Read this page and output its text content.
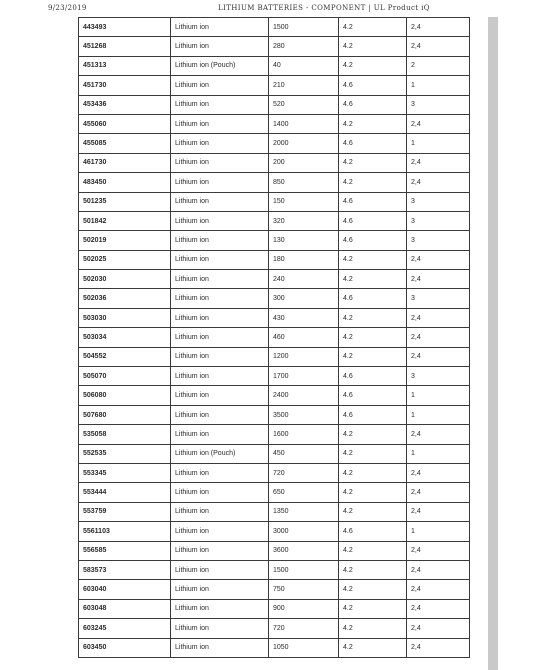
9/23/2019	LITHIUM BATTERIES - COMPONENT | UL Product iQ
443493	Lithium ion	1500	4.2	2,4
451268	Lithium ion	280	4.2	2,4
451313	Lithium ion (Pouch)	40	4.2	2
451730	Lithium ion	210	4.6	1
453436	Lithium ion	520	4.6	3
455060	Lithium ion	1400	4.2	2,4
455085	Lithium ion	2000	4.6	1
461730	Lithium ion	200	4.2	2,4
483450	Lithium ion	850	4.2	2,4
501235	Lithium ion	150	4.6	3
501842	Lithium ion	320	4.6	3
502019	Lithium ion	130	4.6	3
502025	Lithium ion	180	4.2	2,4
502030	Lithium ion	240	4.2	2,4
502036	Lithium ion	300	4.6	3
503030	Lithium ion	430	4.2	2,4
503034	Lithium ion	460	4.2	2,4
504552	Lithium ion	1200	4.2	2,4
505070	Lithium ion	1700	4.6	3
506080	Lithium ion	2400	4.6	1
507680	Lithium ion	3500	4.6	1
535058	Lithium ion	1600	4.2	2,4
552535	Lithium ion (Pouch)	450	4.2	1
553345	Lithium ion	720	4.2	2,4
553444	Lithium ion	650	4.2	2,4
553759	Lithium ion	1350	4.2	2,4
5561103	Lithium ion	3000	4.6	1
556585	Lithium ion	3600	4.2	2,4
583573	Lithium ion	1500	4.2	2,4
603040	Lithium ion	750	4.2	2,4
603048	Lithium ion	900	4.2	2,4
603245	Lithium ion	720	4.2	2,4
603450	Lithium ion	1050	4.2	2,4
